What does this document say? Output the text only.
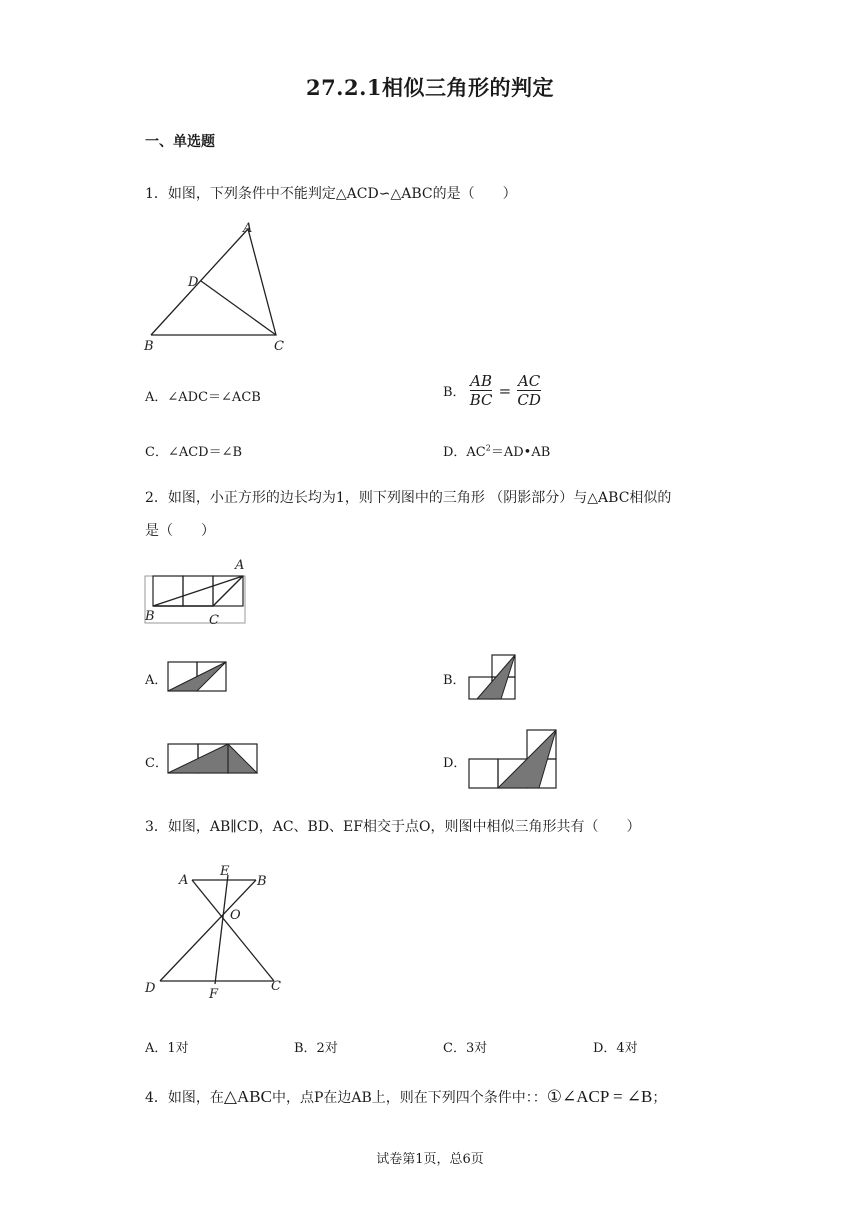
27.2.1相似三角形的判定
一、单选题
1．如图，下列条件中不能判定△ACD∽△ABC的是（　　）
A
B	C
D
A．∠ADC＝∠ACB	B． $\frac{AB}{BC} = \frac{AC}{CD}$
C．∠ACD＝∠B	D．$AC^2=AD•AB$
2．如图，小正方形的边长均为1，则下列图中的三角形 （阴影部分）与△ABC相似的
是（　　）
A
B	C
A．	B．
C．	D．
3．如图，AB∥CD，AC、BD、EF相交于点O，则图中相似三角形共有（　　）
A
E
B
O
D	F
C
A．1对	B．2对	C．3对	D．4对
4．如图，在△ABC中，点P在边AB上，则在下列四个条件中：：①∠ACP = ∠B；
试卷第1页，总6页
